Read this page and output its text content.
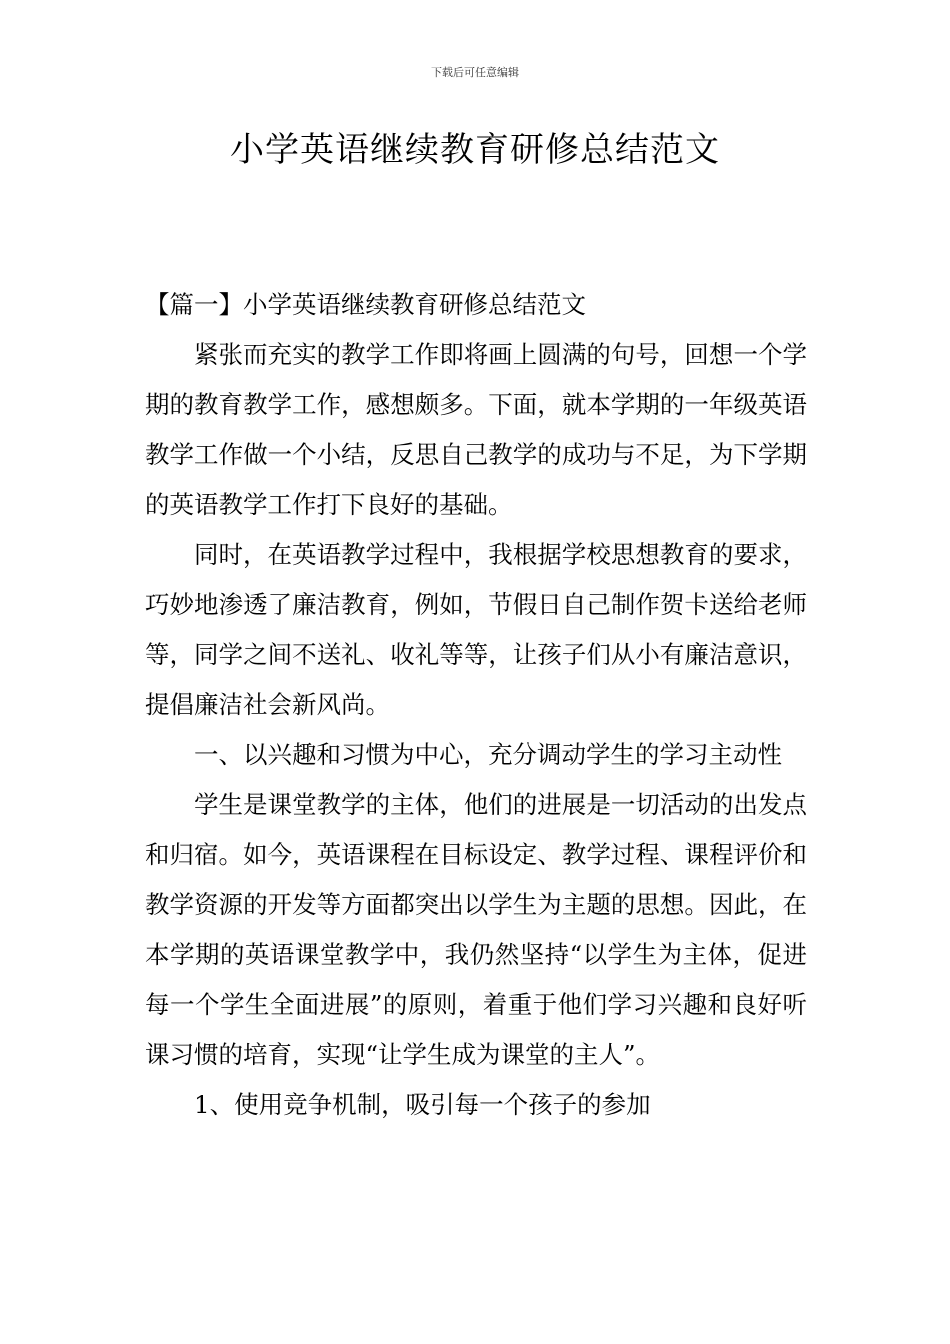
下载后可任意编辑
小学英语继续教育研修总结范文

【篇一】小学英语继续教育研修总结范文

紧张而充实的教学工作即将画上圆满的句号，回想一个学期的教育教学工作，感想颇多。下面，就本学期的一年级英语教学工作做一个小结，反思自己教学的成功与不足，为下学期的英语教学工作打下良好的基础。

同时，在英语教学过程中，我根据学校思想教育的要求，巧妙地渗透了廉洁教育，例如，节假日自己制作贺卡送给老师等，同学之间不送礼、收礼等等，让孩子们从小有廉洁意识，提倡廉洁社会新风尚。

一、以兴趣和习惯为中心，充分调动学生的学习主动性

学生是课堂教学的主体，他们的进展是一切活动的出发点和归宿。如今，英语课程在目标设定、教学过程、课程评价和教学资源的开发等方面都突出以学生为主题的思想。因此，在本学期的英语课堂教学中，我仍然坚持“以学生为主体，促进每一个学生全面进展”的原则，着重于他们学习兴趣和良好听课习惯的培育，实现“让学生成为课堂的主人”。

1、使用竞争机制，吸引每一个孩子的参加
